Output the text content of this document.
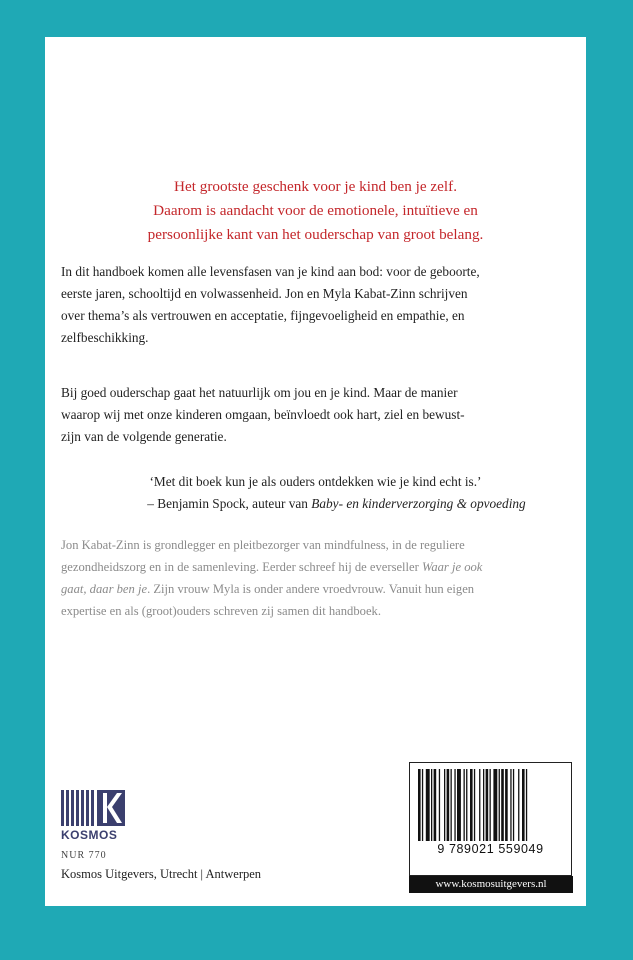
Het grootste geschenk voor je kind ben je zelf.
Daarom is aandacht voor de emotionele, intuïtieve en
persoonlijke kant van het ouderschap van groot belang.
In dit handboek komen alle levensfasen van je kind aan bod: voor de geboorte,
eerste jaren, schooltijd en volwassenheid. Jon en Myla Kabat-Zinn schrijven
over thema’s als vertrouwen en acceptatie, fijngevoeligheid en empathie, en
zelfbeschikking.
Bij goed ouderschap gaat het natuurlijk om jou en je kind. Maar de manier
waarop wij met onze kinderen omgaan, beïnvloedt ook hart, ziel en bewust-
zijn van de volgende generatie.
‘Met dit boek kun je als ouders ontdekken wie je kind echt is.’
– Benjamin Spock, auteur van Baby- en kinderverzorging & opvoeding
Jon Kabat-Zinn is grondlegger en pleitbezorger van mindfulness, in de reguliere
gezondheidszorg en in de samenleving. Eerder schreef hij de everseller Waar je ook
gaat, daar ben je. Zijn vrouw Myla is onder andere vroedvrouw. Vanuit hun eigen
expertise en als (groot)ouders schreven zij samen dit handboek.
KOSMOS
NUR 770
Kosmos Uitgevers, Utrecht | Antwerpen
9 789021 559049
www.kosmosuitgevers.nl
